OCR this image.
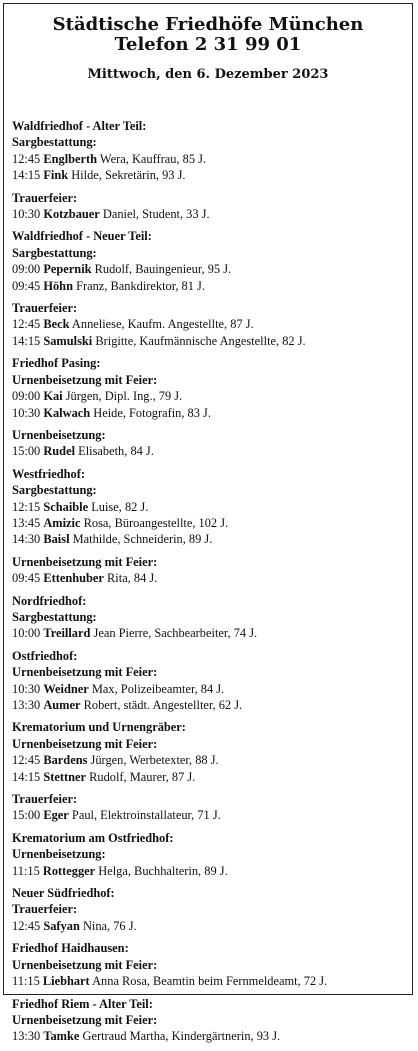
Städtische Friedhöfe München
Telefon 2 31 99 01
Mittwoch, den 6. Dezember 2023
Waldfriedhof - Alter Teil:
Sargbestattung:
12:45 Englberth Wera, Kauffrau, 85 J.
14:15 Fink Hilde, Sekretärin, 93 J.
Trauerfeier:
10:30 Kotzbauer Daniel, Student, 33 J.
Waldfriedhof - Neuer Teil:
Sargbestattung:
09:00 Pepernik Rudolf, Bauingenieur, 95 J.
09:45 Höhn Franz, Bankdirektor, 81 J.
Trauerfeier:
12:45 Beck Anneliese, Kaufm. Angestellte, 87 J.
14:15 Samulski Brigitte, Kaufmännische Angestellte, 82 J.
Friedhof Pasing:
Urnenbeisetzung mit Feier:
09:00 Kai Jürgen, Dipl. Ing., 79 J.
10:30 Kalwach Heide, Fotografin, 83 J.
Urnenbeisetzung:
15:00 Rudel Elisabeth, 84 J.
Westfriedhof:
Sargbestattung:
12:15 Schaible Luise, 82 J.
13:45 Amizic Rosa, Büroangestellte, 102 J.
14:30 Baisl Mathilde, Schneiderin, 89 J.
Urnenbeisetzung mit Feier:
09:45 Ettenhuber Rita, 84 J.
Nordfriedhof:
Sargbestattung:
10:00 Treillard Jean Pierre, Sachbearbeiter, 74 J.
Ostfriedhof:
Urnenbeisetzung mit Feier:
10:30 Weidner Max, Polizeibeamter, 84 J.
13:30 Aumer Robert, städt. Angestellter, 62 J.
Krematorium und Urnengräber:
Urnenbeisetzung mit Feier:
12:45 Bardens Jürgen, Werbetexter, 88 J.
14:15 Stettner Rudolf, Maurer, 87 J.
Trauerfeier:
15:00 Eger Paul, Elektroinstallateur, 71 J.
Krematorium am Ostfriedhof:
Urnenbeisetzung:
11:15 Rottegger Helga, Buchhalterin, 89 J.
Neuer Südfriedhof:
Trauerfeier:
12:45 Safyan Nina, 76 J.
Friedhof Haidhausen:
Urnenbeisetzung mit Feier:
11:15 Liebhart Anna Rosa, Beamtin beim Fernmeldeamt, 72 J.
Friedhof Riem - Alter Teil:
Urnenbeisetzung mit Feier:
13:30 Tamke Gertraud Martha, Kindergärtnerin, 93 J.
